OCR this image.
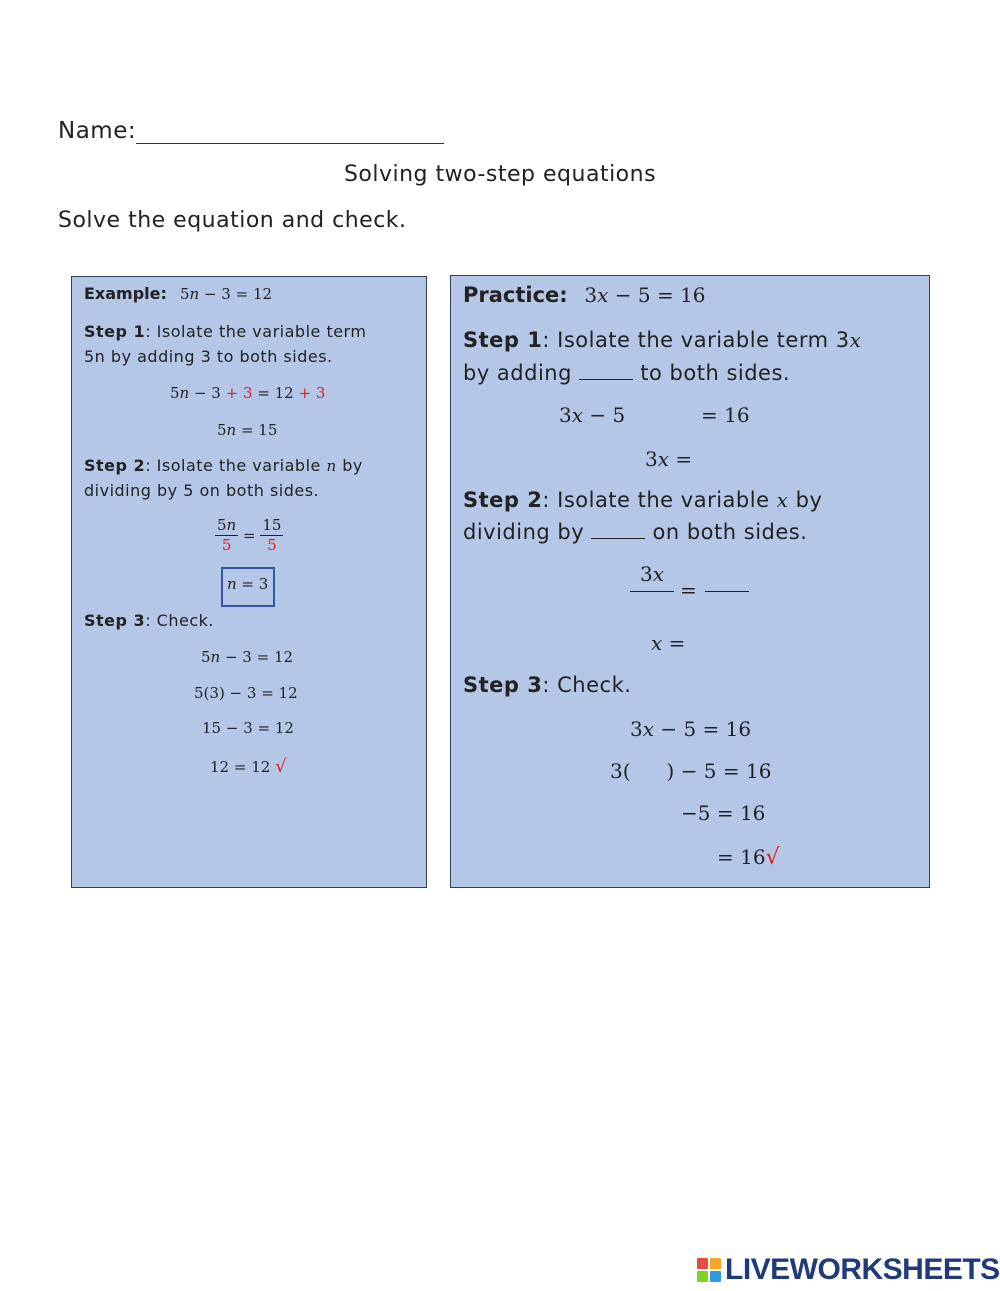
Name:
Solving two-step equations
Solve the equation and check.
Example: 5𝑛 − 3 = 12
Step 1: Isolate the variable term
5n by adding 3 to both sides.
5𝑛 − 3 + 3 = 12 + 3
5𝑛 = 15
Step 2: Isolate the variable 𝑛 by
dividing by 5 on both sides.
$\frac{\text{5𝑛}}{5} = \frac{15}{5}$
𝑛 = 3
Step 3: Check.
5𝑛 − 3 = 12
5(3) − 3 = 12
15 − 3 = 12
12 = 12 √
Practice: 3𝑥 − 5 = 16
Step 1: Isolate the variable term 3𝑥
by adding	to both sides.
3𝑥 − 5	= 16
3𝑥 =
Step 2: Isolate the variable 𝑥 by
dividing by	on both sides.
3𝑥
=
𝑥 =
Step 3: Check.
3𝑥 − 5 = 16
3( ) − 5 = 16
−5 = 16
= 16√
LIVEWORKSHEETS
